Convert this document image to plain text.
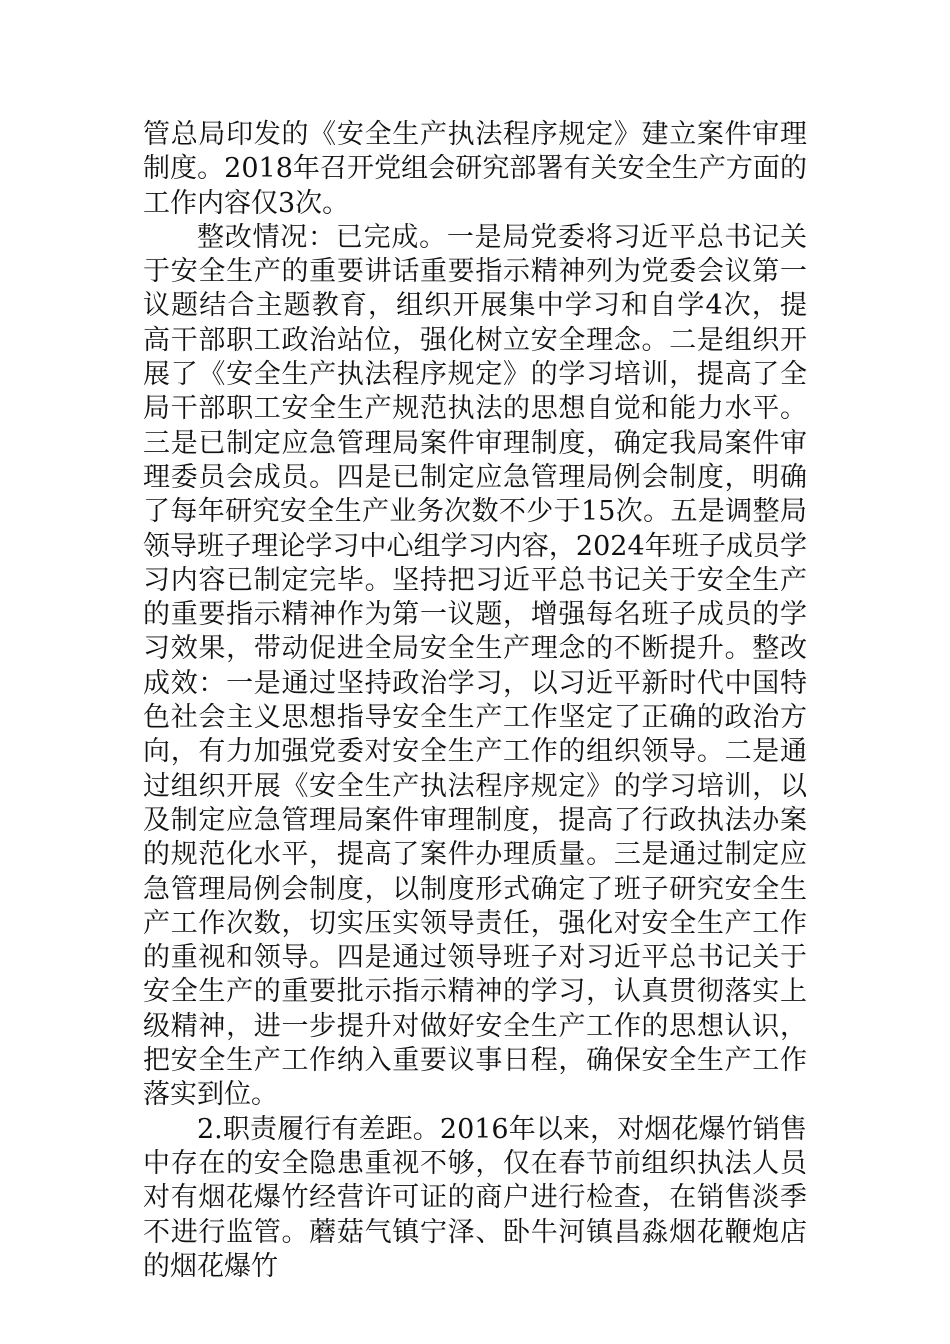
管总局印发的《安全生产执法程序规定》建立案件审理制度。2018年召开党组会研究部署有关安全生产方面的工作内容仅3次。

整改情况：已完成。一是局党委将习近平总书记关于安全生产的重要讲话重要指示精神列为党委会议第一议题结合主题教育，组织开展集中学习和自学4次，提高干部职工政治站位，强化树立安全理念。二是组织开展了《安全生产执法程序规定》的学习培训，提高了全局干部职工安全生产规范执法的思想自觉和能力水平。三是已制定应急管理局案件审理制度，确定我局案件审理委员会成员。四是已制定应急管理局例会制度，明确了每年研究安全生产业务次数不少于15次。五是调整局领导班子理论学习中心组学习内容，2024年班子成员学习内容已制定完毕。坚持把习近平总书记关于安全生产的重要指示精神作为第一议题，增强每名班子成员的学习效果，带动促进全局安全生产理念的不断提升。整改成效：一是通过坚持政治学习，以习近平新时代中国特色社会主义思想指导安全生产工作坚定了正确的政治方向，有力加强党委对安全生产工作的组织领导。二是通过组织开展《安全生产执法程序规定》的学习培训，以及制定应急管理局案件审理制度，提高了行政执法办案的规范化水平，提高了案件办理质量。三是通过制定应急管理局例会制度，以制度形式确定了班子研究安全生产工作次数，切实压实领导责任，强化对安全生产工作的重视和领导。四是通过领导班子对习近平总书记关于安全生产的重要批示指示精神的学习，认真贯彻落实上级精神，进一步提升对做好安全生产工作的思想认识，把安全生产工作纳入重要议事日程，确保安全生产工作落实到位。

2.职责履行有差距。2016年以来，对烟花爆竹销售中存在的安全隐患重视不够，仅在春节前组织执法人员对有烟花爆竹经营许可证的商户进行检查，在销售淡季不进行监管。蘑菇气镇宁泽、卧牛河镇昌淼烟花鞭炮店的烟花爆竹
